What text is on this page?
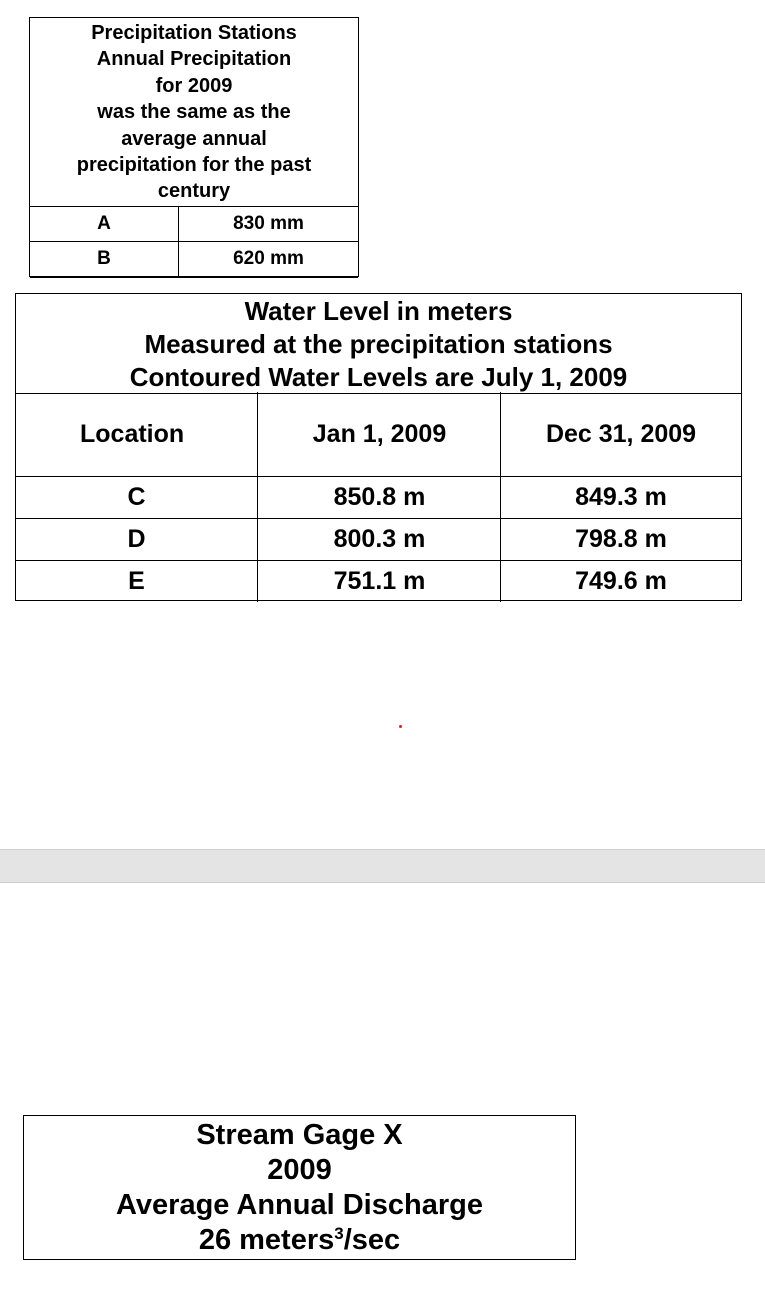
Precipitation Stations
Annual Precipitation
for 2009
was the same as the
average annual
precipitation for the past
century
A	830 mm
B	620 mm
Water Level in meters
Measured at the precipitation stations
Contoured Water Levels are July 1, 2009
Location	Jan 1, 2009	Dec 31, 2009
C	850.8 m	849.3 m
D	800.3 m	798.8 m
E	751.1 m	749.6 m
Stream Gage X
2009
Average Annual Discharge
26 meters$^3$/sec
